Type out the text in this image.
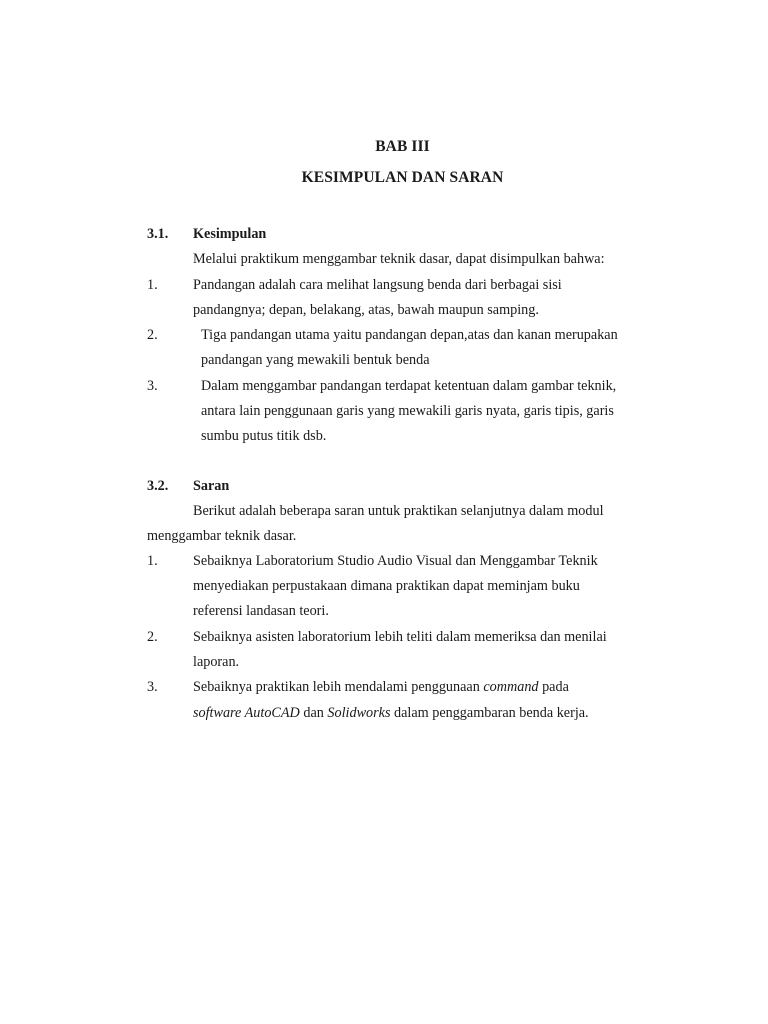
BAB III
KESIMPULAN DAN SARAN
3.1. Kesimpulan
Melalui praktikum menggambar teknik dasar, dapat disimpulkan bahwa:
1. Pandangan adalah cara melihat langsung benda dari berbagai sisi
pandangnya; depan, belakang, atas, bawah maupun samping.
2.	Tiga pandangan utama yaitu pandangan depan,atas dan kanan merupakan
pandangan yang mewakili bentuk benda
3.	Dalam menggambar pandangan terdapat ketentuan dalam gambar teknik,
antara lain penggunaan garis yang mewakili garis nyata, garis tipis, garis
sumbu putus titik dsb.
3.2. Saran
Berikut adalah beberapa saran untuk praktikan selanjutnya dalam modul
menggambar teknik dasar.
1. Sebaiknya Laboratorium Studio Audio Visual dan Menggambar Teknik
menyediakan perpustakaan dimana praktikan dapat meminjam buku
referensi landasan teori.
2. Sebaiknya asisten laboratorium lebih teliti dalam memeriksa dan menilai
laporan.
3. Sebaiknya praktikan lebih mendalami penggunaan command pada
software AutoCAD dan Solidworks dalam penggambaran benda kerja.
